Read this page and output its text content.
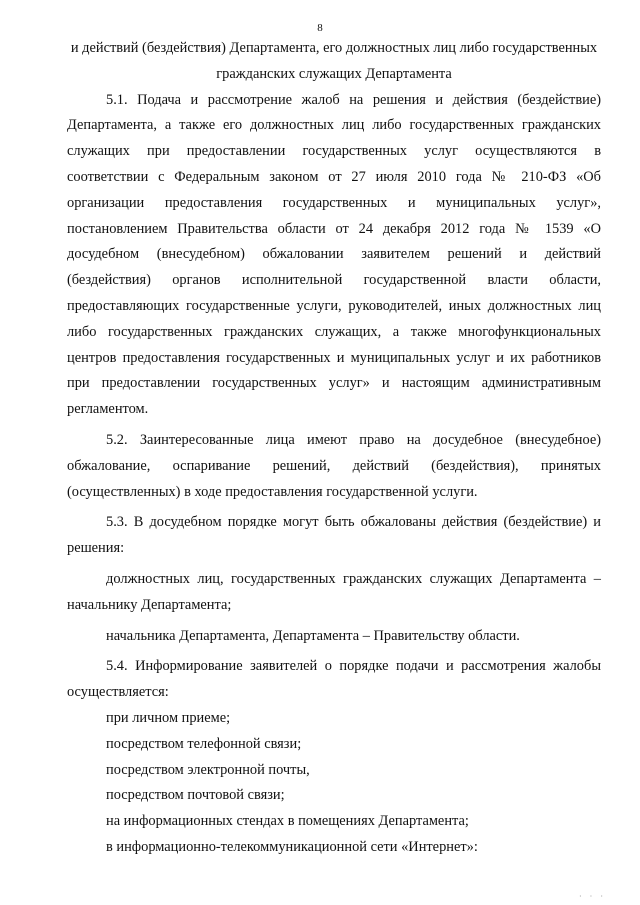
8

и действий (бездействия) Департамента, его должностных лиц либо государственных гражданских служащих Департамента

5.1. Подача и рассмотрение жалоб на решения и действия (бездействие) Департамента, а также его должностных лиц либо государственных гражданских служащих при предоставлении государственных услуг осуществляются в соответствии с Федеральным законом от 27 июля 2010 года № 210-ФЗ «Об организации предоставления государственных и муниципальных услуг», постановлением Правительства области от 24 декабря 2012 года № 1539 «О досудебном (внесудебном) обжаловании заявителем решений и действий (бездействия) органов исполнительной государственной власти области, предоставляющих государственные услуги, руководителей, иных должностных лиц либо государственных гражданских служащих, а также многофункциональных центров предоставления государственных и муниципальных услуг и их работников при предоставлении государственных услуг» и настоящим административным регламентом.

5.2. Заинтересованные лица имеют право на досудебное (внесудебное) обжалование, оспаривание решений, действий (бездействия), принятых (осуществленных) в ходе предоставления государственной услуги.

5.3. В досудебном порядке могут быть обжалованы действия (бездействие) и решения:

должностных лиц, государственных гражданских служащих Департамента – начальнику Департамента;

начальника Департамента, Департамента – Правительству области.

5.4. Информирование заявителей о порядке подачи и рассмотрения жалобы осуществляется:

при личном приеме;

посредством телефонной связи;

посредством электронной почты,

посредством почтовой связи;

на информационных стендах в помещениях Департамента;

в информационно-телекоммуникационной сети «Интернет»:

· · ·
